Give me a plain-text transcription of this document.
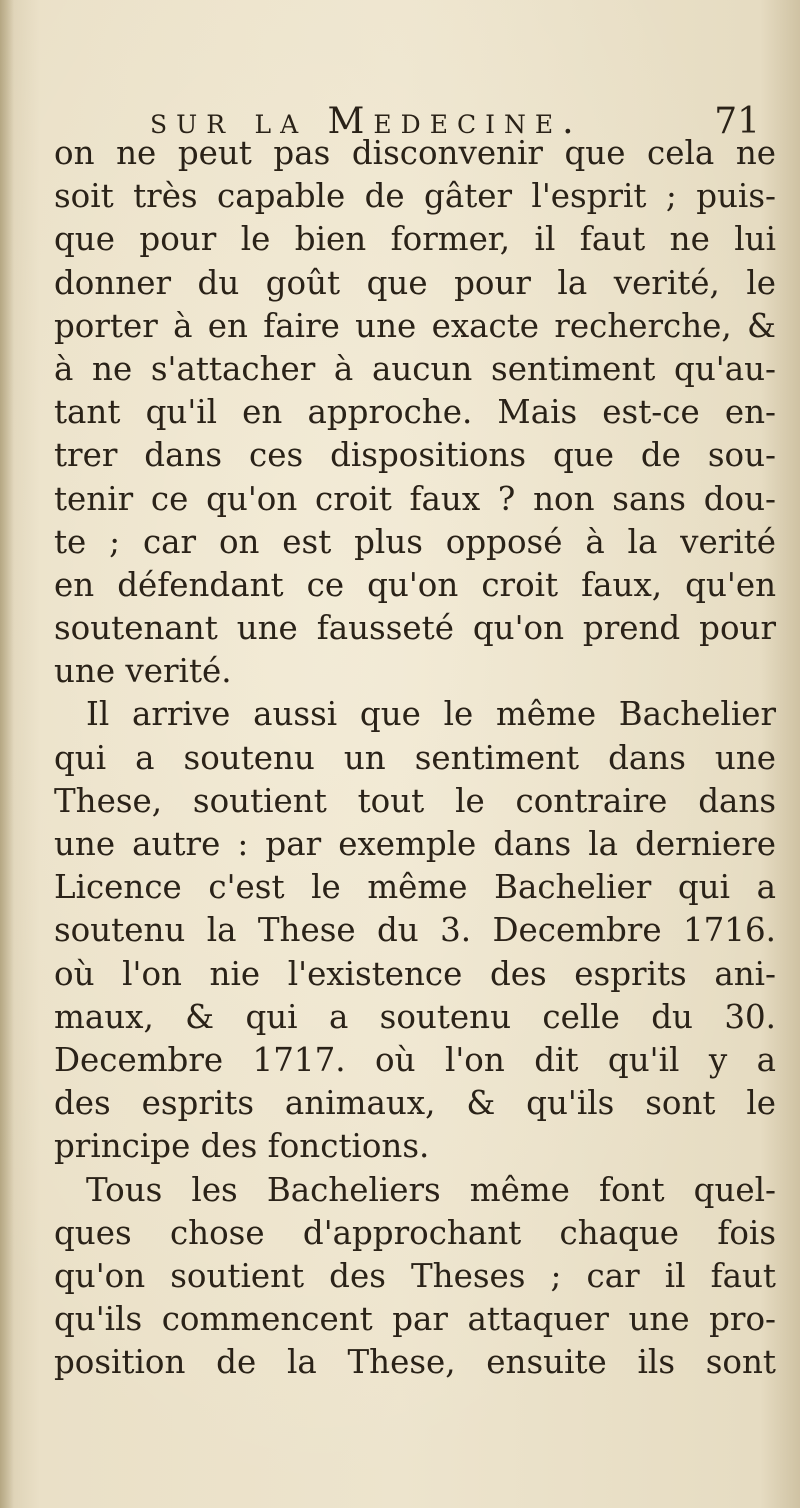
sur la Medecine.	71
on ne peut pas disconvenir que cela ne
soit très capable de gâter l'esprit ; puis-
que pour le bien former, il faut ne lui
donner du goût que pour la verité, le
porter à en faire une exacte recherche, &
à ne s'attacher à aucun sentiment qu'au-
tant qu'il en approche. Mais est-ce en-
trer dans ces dispositions que de sou-
tenir ce qu'on croit faux ? non sans dou-
te ; car on est plus opposé à la verité
en défendant ce qu'on croit faux, qu'en
soutenant une fausseté qu'on prend pour
une verité.
Il arrive aussi que le même Bachelier
qui a soutenu un sentiment dans une
These, soutient tout le contraire dans
une autre : par exemple dans la derniere
Licence c'est le même Bachelier qui a
soutenu la These du 3. Decembre 1716.
où l'on nie l'existence des esprits ani-
maux, & qui a soutenu celle du 30.
Decembre 1717. où l'on dit qu'il y a
des esprits animaux, & qu'ils sont le
principe des fonctions.
Tous les Bacheliers même font quel-
ques chose d'approchant chaque fois
qu'on soutient des Theses ; car il faut
qu'ils commencent par attaquer une pro-
position de la These, ensuite ils sont
